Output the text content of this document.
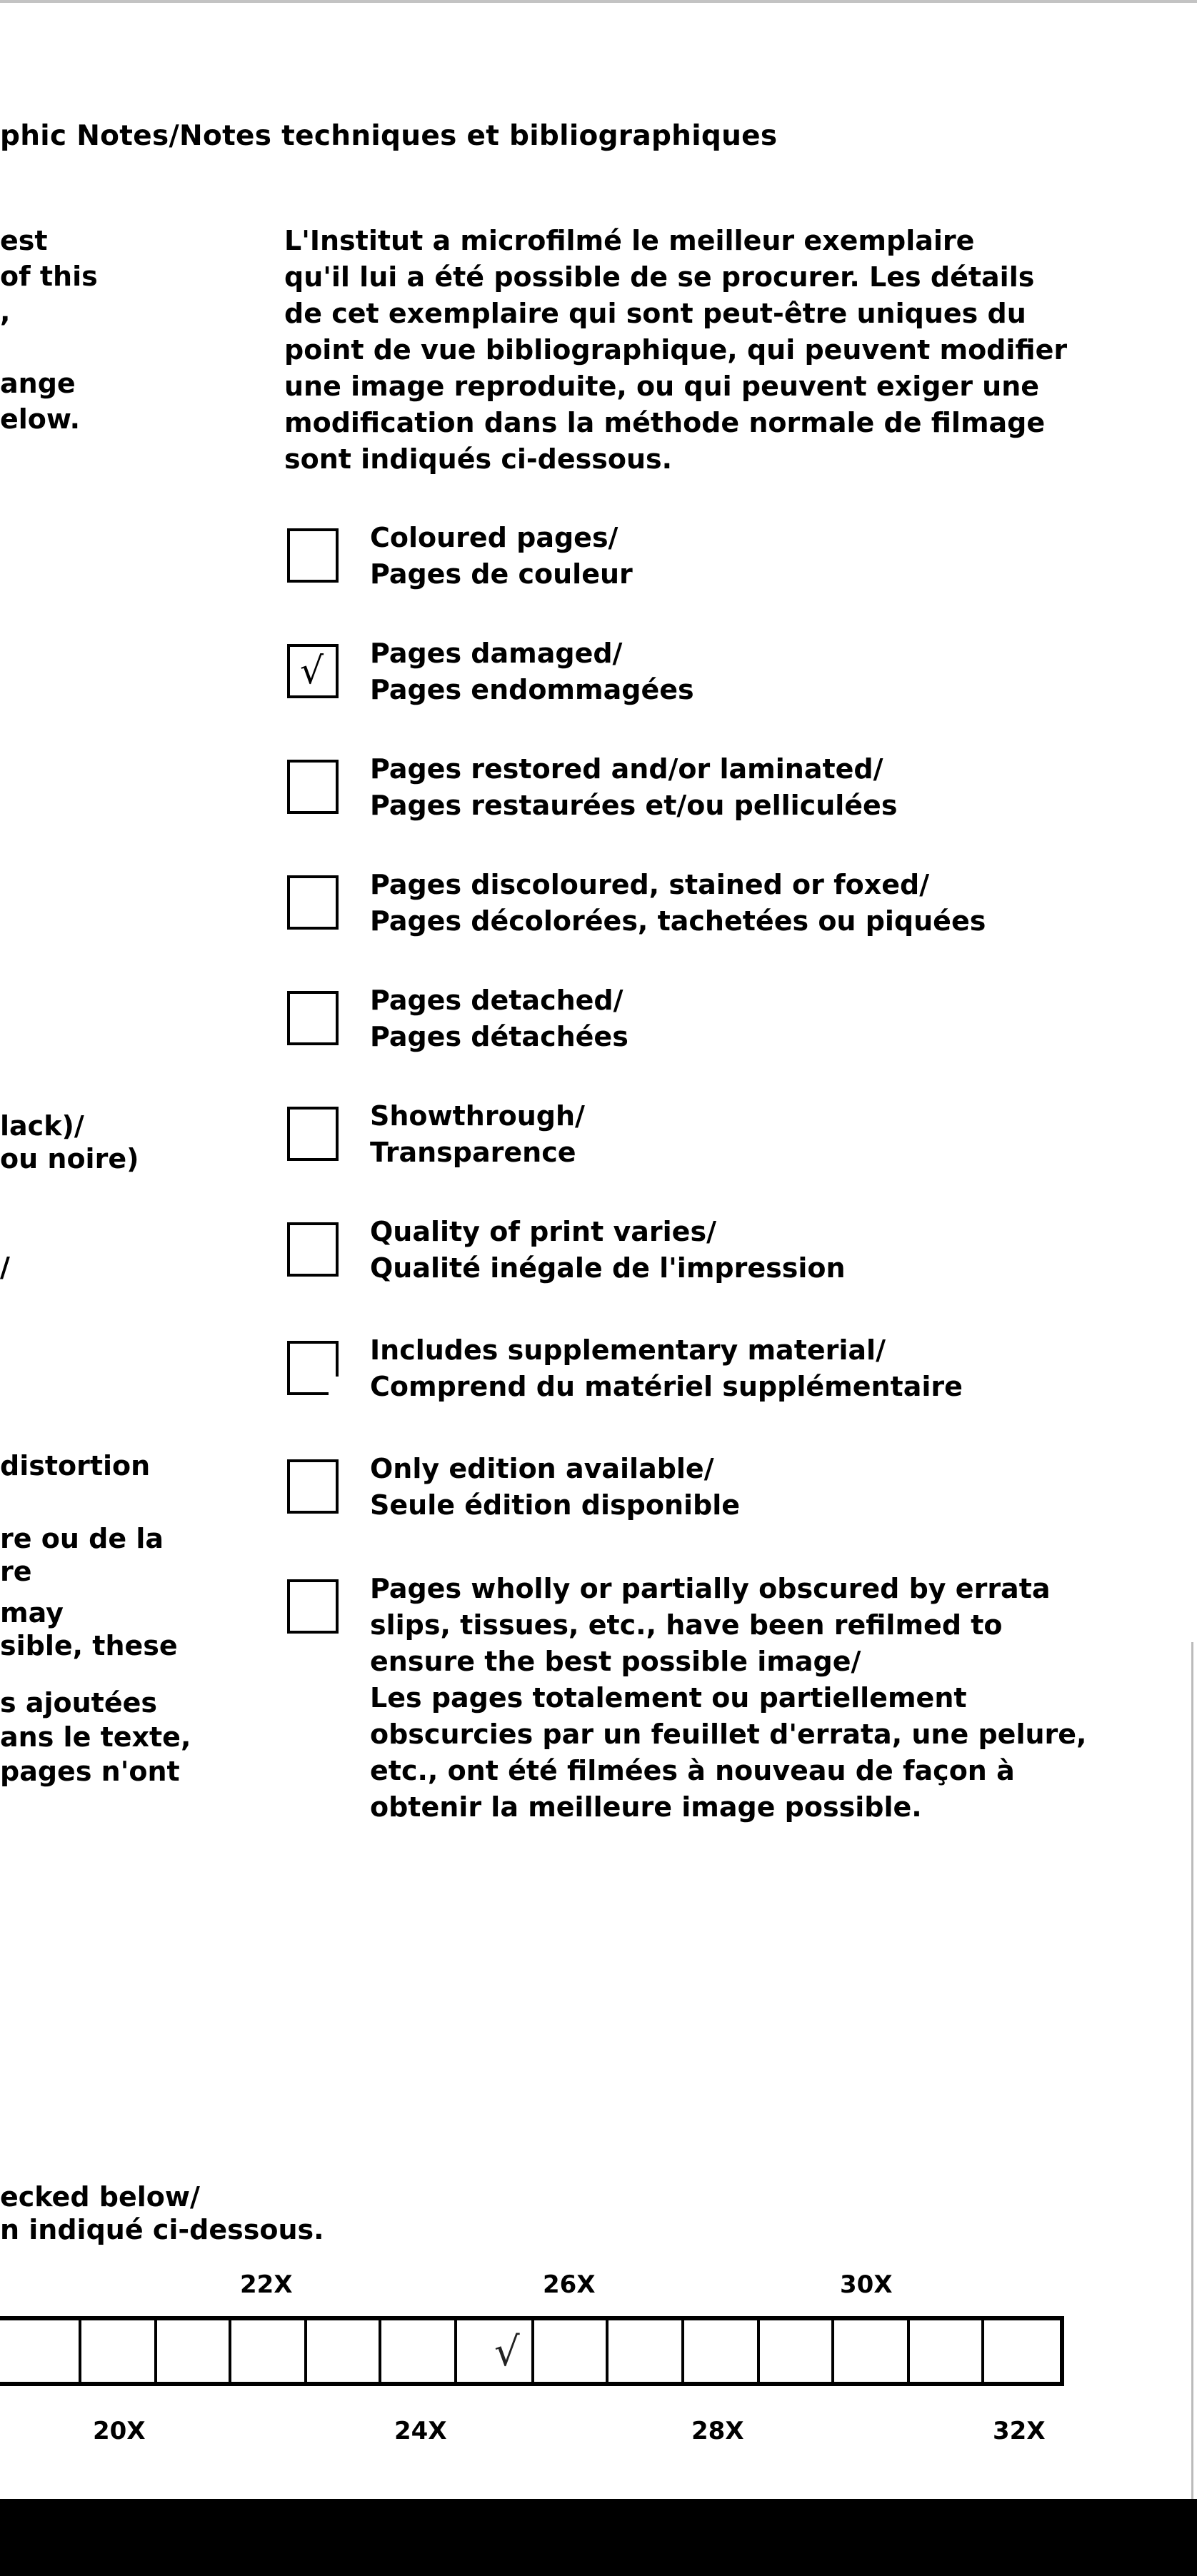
phic Notes/Notes techniques et bibliographiques
est
of this
,
ange
elow.
L'Institut a microfilmé le meilleur exemplaire
qu'il lui a été possible de se procurer. Les détails
de cet exemplaire qui sont peut-être uniques du
point de vue bibliographique, qui peuvent modifier
une image reproduite, ou qui peuvent exiger une
modification dans la méthode normale de filmage
sont indiqués ci-dessous.
Coloured pages/
Pages de couleur
√ Pages damaged/
Pages endommagées
Pages restored and/or laminated/
Pages restaurées et/ou pelliculées
Pages discoloured, stained or foxed/
Pages décolorées, tachetées ou piquées
Pages detached/
Pages détachées
Showthrough/
Transparence
Quality of print varies/
Qualité inégale de l'impression
Includes supplementary material/
Comprend du matériel supplémentaire
Only edition available/
Seule édition disponible
Pages wholly or partially obscured by errata
slips, tissues, etc., have been refilmed to
ensure the best possible image/
Les pages totalement ou partiellement
obscurcies par un feuillet d'errata, une pelure,
etc., ont été filmées à nouveau de façon à
obtenir la meilleure image possible.
lack)/
ou noire)
/
distortion
re ou de la
re
may
sible, these
s ajoutées
ans le texte,
pages n'ont
ecked below/
n indiqué ci-dessous.
22X	26X	30X
√
20X	24X	28X	32X
